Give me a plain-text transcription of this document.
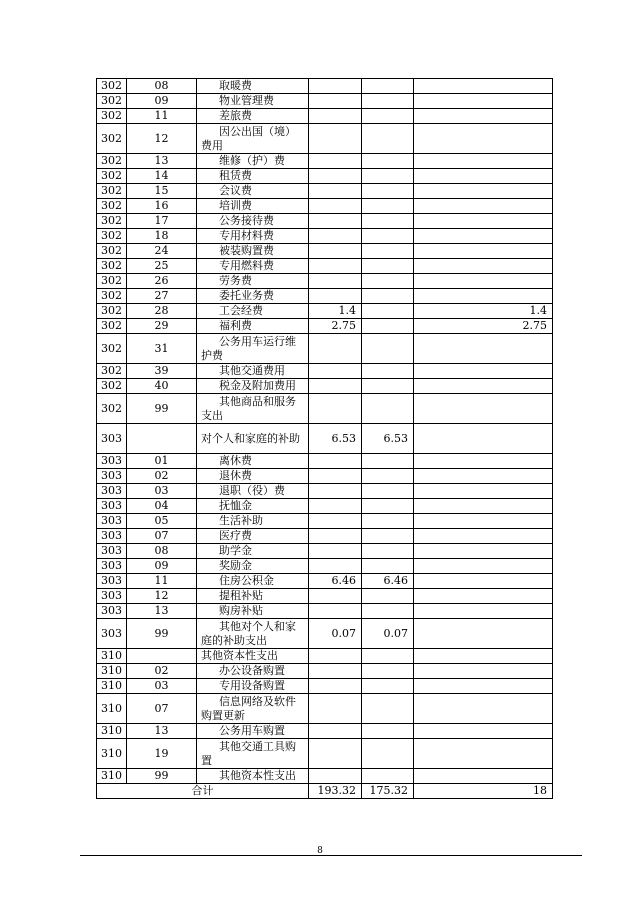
302	08	取暖费			
302	09	物业管理费			
302	11	差旅费			
302	12	因公出国（境）费用			
302	13	维修（护）费			
302	14	租赁费			
302	15	会议费			
302	16	培训费			
302	17	公务接待费			
302	18	专用材料费			
302	24	被装购置费			
302	25	专用燃料费			
302	26	劳务费			
302	27	委托业务费			
302	28	工会经费	1.4		1.4
302	29	福利费	2.75		2.75
302	31	公务用车运行维护费			
302	39	其他交通费用			
302	40	税金及附加费用			
302	99	其他商品和服务支出			
303		对个人和家庭的补助	6.53	6.53	
303	01	离休费			
303	02	退休费			
303	03	退职（役）费			
303	04	抚恤金			
303	05	生活补助			
303	07	医疗费			
303	08	助学金			
303	09	奖励金			
303	11	住房公积金	6.46	6.46	
303	12	提租补贴			
303	13	购房补贴			
303	99	其他对个人和家庭的补助支出	0.07	0.07	
310		其他资本性支出			
310	02	办公设备购置			
310	03	专用设备购置			
310	07	信息网络及软件购置更新			
310	13	公务用车购置			
310	19	其他交通工具购置			
310	99	其他资本性支出			
合计			193.32	175.32	18
8
